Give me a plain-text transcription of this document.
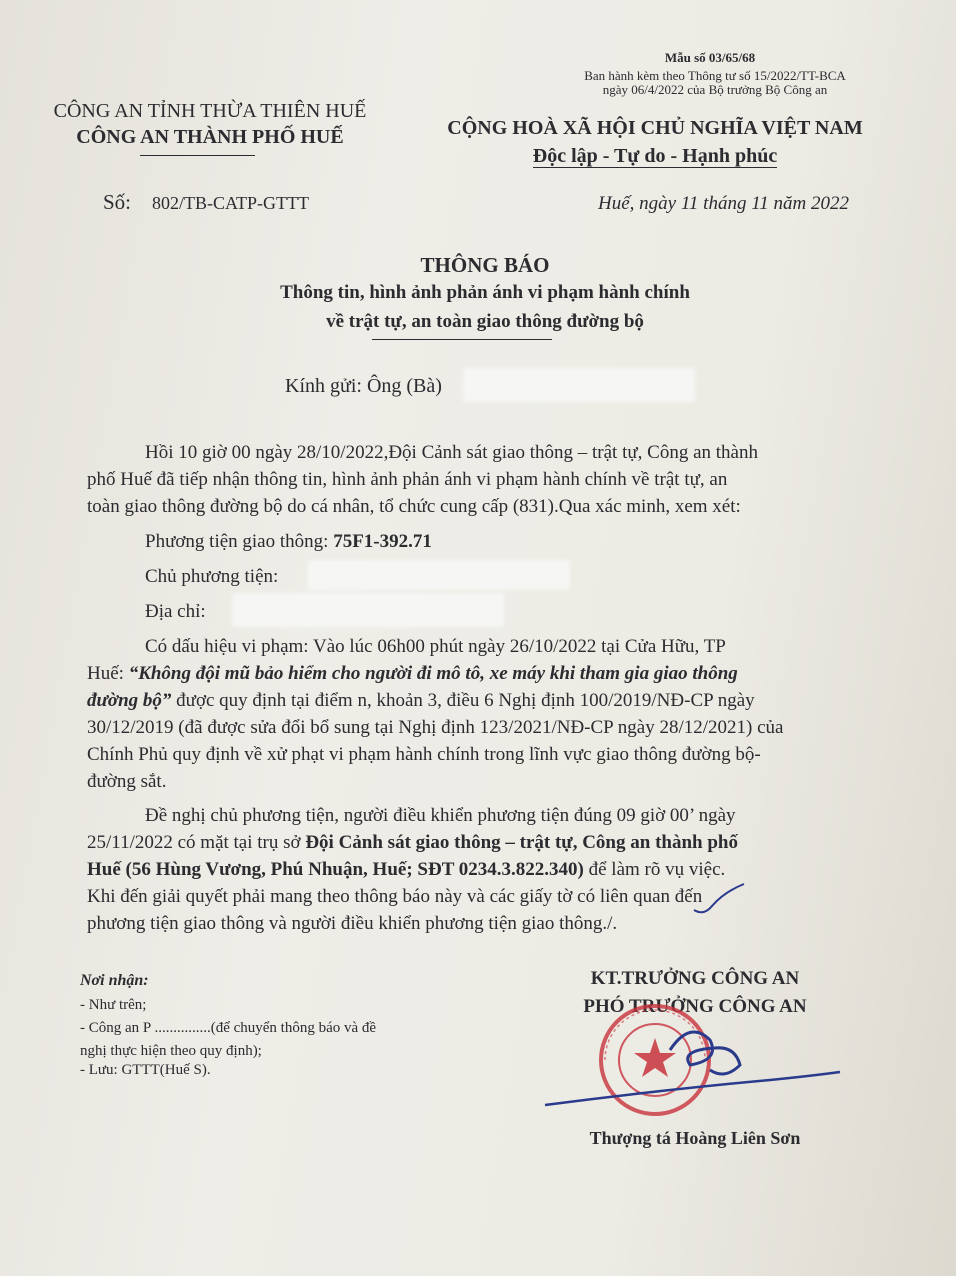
Mẫu số 03/65/68
Ban hành kèm theo Thông tư số 15/2022/TT-BCA
ngày 06/4/2022 của Bộ trưởng Bộ Công an
CÔNG AN TỈNH THỪA THIÊN HUẾ
CÔNG AN THÀNH PHỐ HUẾ
Số: 802/TB-CATP-GTTT
CỘNG HOÀ XÃ HỘI CHỦ NGHĨA VIỆT NAM
Độc lập - Tự do - Hạnh phúc
Huế, ngày 11 tháng 11 năm 2022
THÔNG BÁO
Thông tin, hình ảnh phản ánh vi phạm hành chính
về trật tự, an toàn giao thông đường bộ
Kính gửi: Ông (Bà)
Hồi 10 giờ 00 ngày 28/10/2022,Đội Cảnh sát giao thông – trật tự, Công an thành
phố Huế đã tiếp nhận thông tin, hình ảnh phản ánh vi phạm hành chính về trật tự, an
toàn giao thông đường bộ do cá nhân, tổ chức cung cấp (831).Qua xác minh, xem xét:
Phương tiện giao thông: 75F1-392.71
Chủ phương tiện:
Địa chỉ:
Có dấu hiệu vi phạm: Vào lúc 06h00 phút ngày 26/10/2022 tại Cửa Hữu, TP
Huế: “Không đội mũ bảo hiểm cho người đi mô tô, xe máy khi tham gia giao thông
đường bộ” được quy định tại điểm n, khoản 3, điều 6 Nghị định 100/2019/NĐ-CP ngày
30/12/2019 (đã được sửa đổi bổ sung tại Nghị định 123/2021/NĐ-CP ngày 28/12/2021) của
Chính Phủ quy định về xử phạt vi phạm hành chính trong lĩnh vực giao thông đường bộ-
đường sắt.
Đề nghị chủ phương tiện, người điều khiển phương tiện đúng 09 giờ 00’ ngày
25/11/2022 có mặt tại trụ sở Đội Cảnh sát giao thông – trật tự, Công an thành phố
Huế (56 Hùng Vương, Phú Nhuận, Huế; SĐT 0234.3.822.340) để làm rõ vụ việc.
Khi đến giải quyết phải mang theo thông báo này và các giấy tờ có liên quan đến
phương tiện giao thông và người điều khiển phương tiện giao thông./.
Nơi nhận:
- Như trên;
- Công an P ...............(để chuyển thông báo và đề
nghị thực hiện theo quy định);
- Lưu: GTTT(Huế S).
KT.TRƯỞNG CÔNG AN
PHÓ TRƯỞNG CÔNG AN
Thượng tá Hoàng Liên Sơn
